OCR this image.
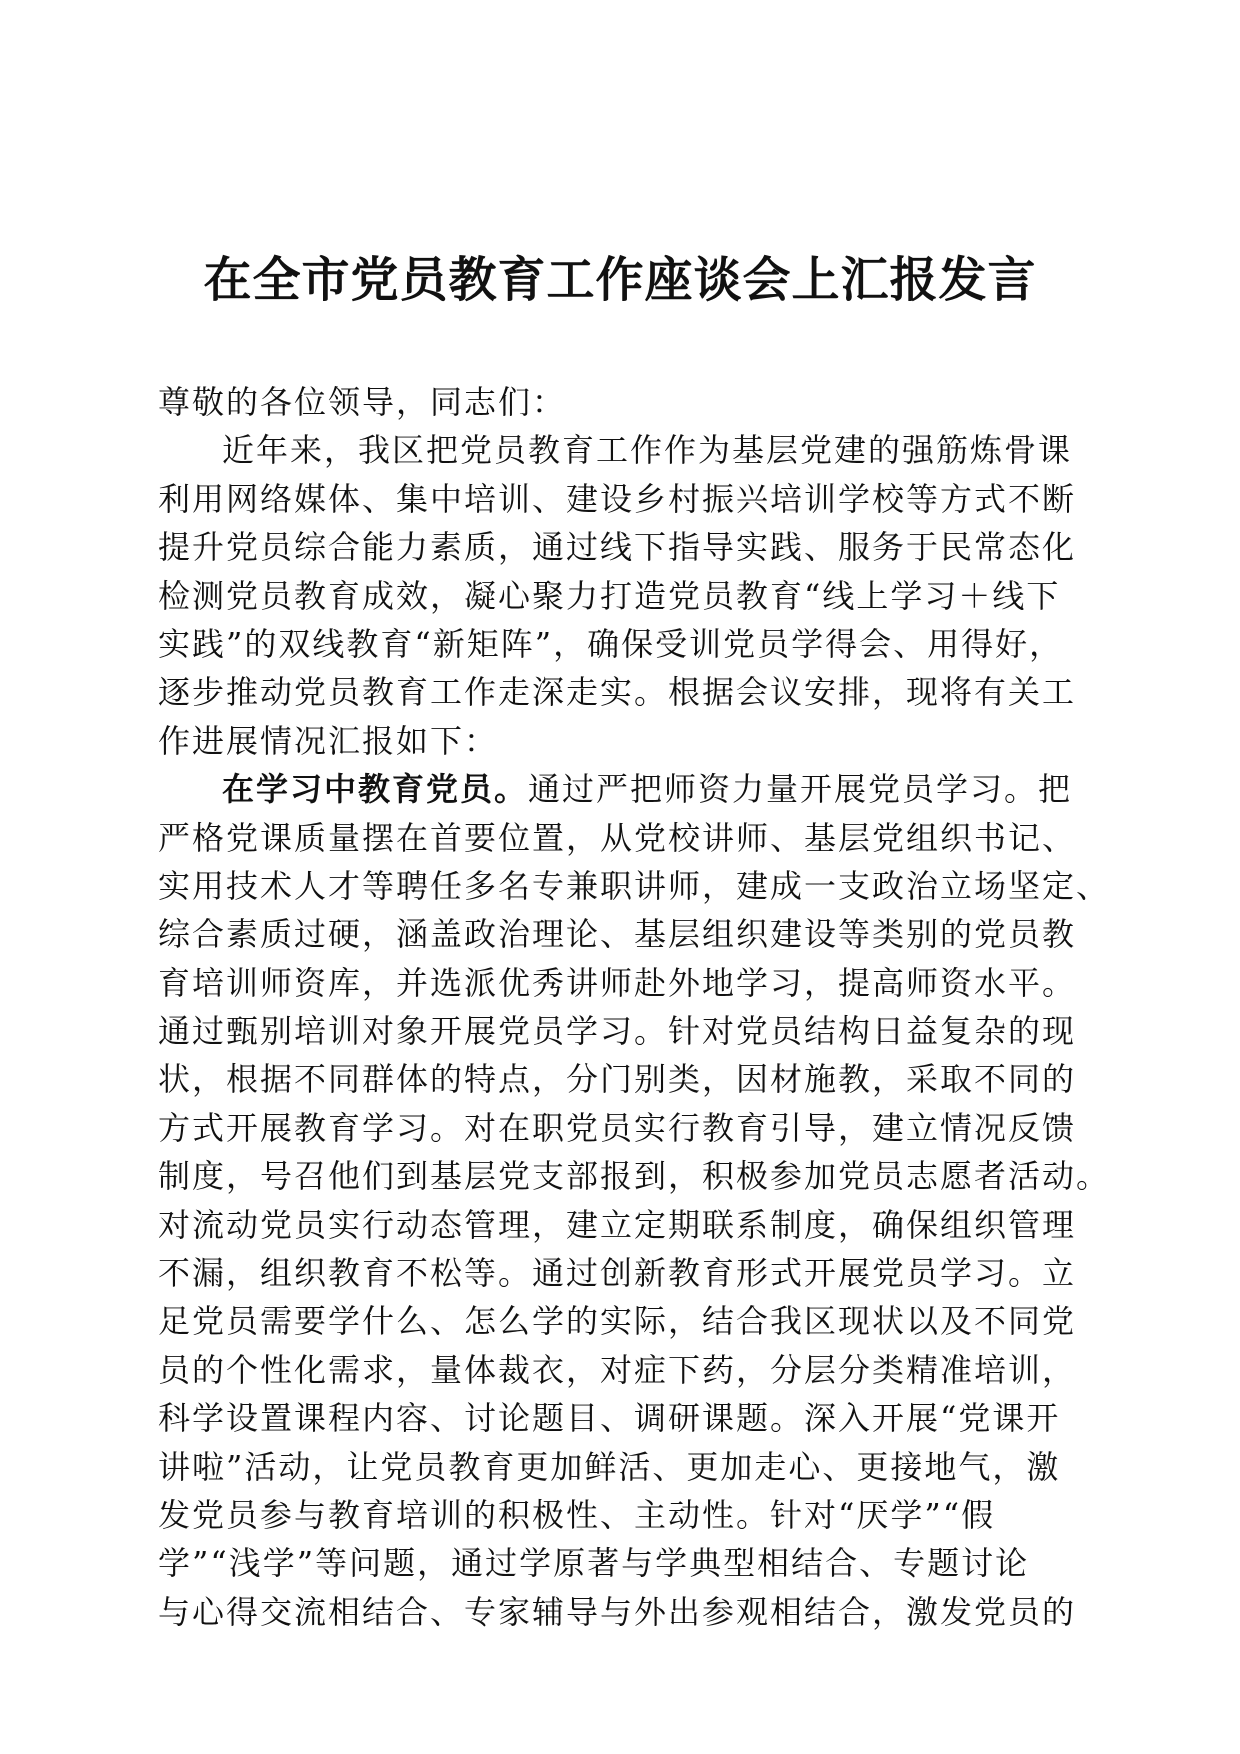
在全市党员教育工作座谈会上汇报发言
尊敬的各位领导，同志们：
近年来，我区把党员教育工作作为基层党建的强筋炼骨课
利用网络媒体、集中培训、建设乡村振兴培训学校等方式不断
提升党员综合能力素质，通过线下指导实践、服务于民常态化
检测党员教育成效，凝心聚力打造党员教育“线上学习＋线下
实践”的双线教育“新矩阵”，确保受训党员学得会、用得好，
逐步推动党员教育工作走深走实。根据会议安排，现将有关工
作进展情况汇报如下：
在学习中教育党员。通过严把师资力量开展党员学习。把
严格党课质量摆在首要位置，从党校讲师、基层党组织书记、
实用技术人才等聘任多名专兼职讲师，建成一支政治立场坚定、
综合素质过硬，涵盖政治理论、基层组织建设等类别的党员教
育培训师资库，并选派优秀讲师赴外地学习，提高师资水平。
通过甄别培训对象开展党员学习。针对党员结构日益复杂的现
状，根据不同群体的特点，分门别类，因材施教，采取不同的
方式开展教育学习。对在职党员实行教育引导，建立情况反馈
制度，号召他们到基层党支部报到，积极参加党员志愿者活动。
对流动党员实行动态管理，建立定期联系制度，确保组织管理
不漏，组织教育不松等。通过创新教育形式开展党员学习。立
足党员需要学什么、怎么学的实际，结合我区现状以及不同党
员的个性化需求，量体裁衣，对症下药，分层分类精准培训，
科学设置课程内容、讨论题目、调研课题。深入开展“党课开
讲啦”活动，让党员教育更加鲜活、更加走心、更接地气，激
发党员参与教育培训的积极性、主动性。针对“厌学”“假
学”“浅学”等问题，通过学原著与学典型相结合、专题讨论
与心得交流相结合、专家辅导与外出参观相结合，激发党员的
